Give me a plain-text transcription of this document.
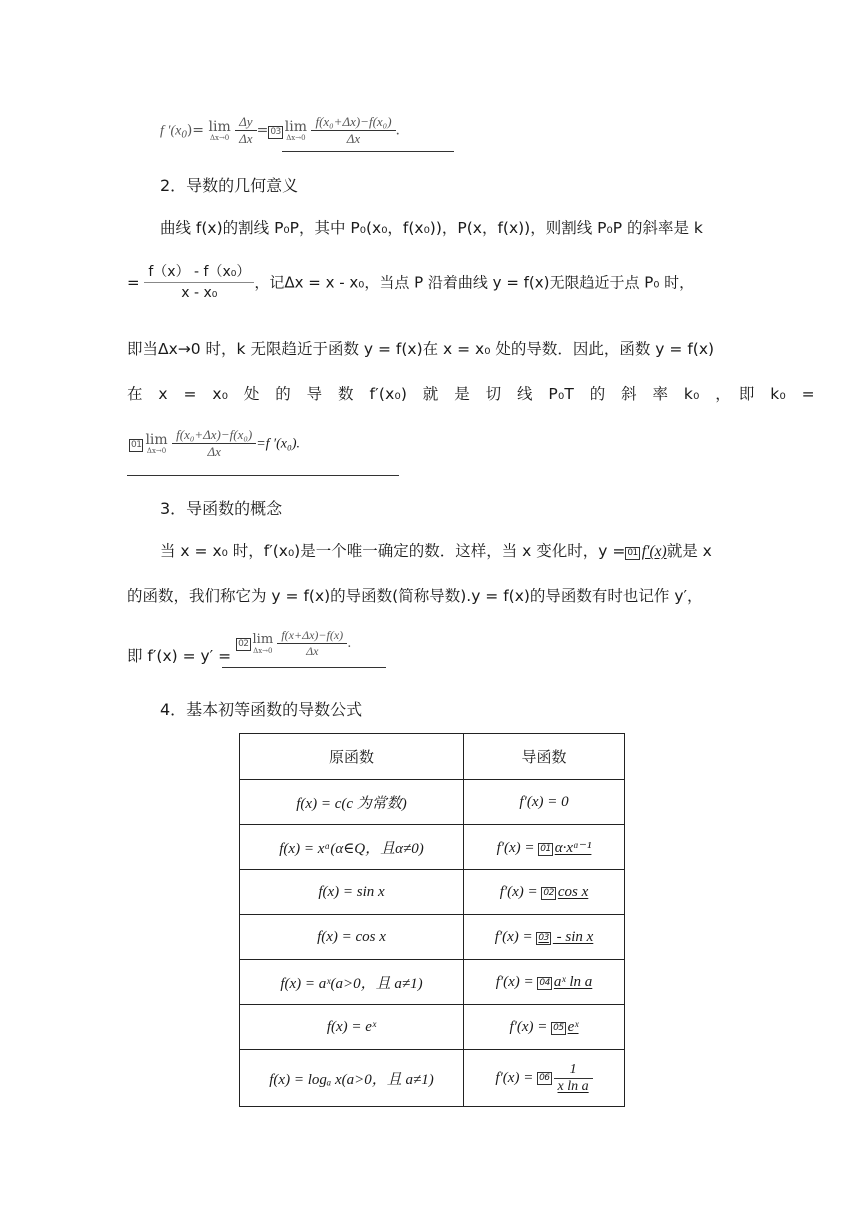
f $'(x_0)= \lim$
Δx→0
$\frac{\Delta y}{\Delta x} = 03$ lim
Δx→0
$\frac{\text{f(x₀+Δx)−f(x₀)}}{\Delta x}$ .
2．导数的几何意义
曲线 f(x)的割线 P₀P，其中 P₀(x₀，f(x₀))，P(x，f(x))，则割线 P₀P 的斜率是 k
= $\frac{\text{f（x） - f（x₀）}}{\text{x - x₀}}$ ，记Δx = x - x₀，当点 P 沿着曲线 y = f(x)无限趋近于点 P₀ 时，
即当Δx→0 时，k 无限趋近于函数 y = f(x)在 x = x₀ 处的导数．因此，函数 y = f(x)
在　x　=　x₀　处　的　导　数　f′(x₀)　就　是　切　线　P₀T　的　斜　率　k₀　，　即　k₀　=
01 lim
Δx→0
$\frac{\text{f(x₀+Δx)−f(x₀)}}{\Delta x} =f$ ′(x₀).
3．导函数的概念
当 x = x₀ 时，f′(x₀)是一个唯一确定的数．这样，当 x 变化时，y = 01 f′(x)就是 x
的函数，我们称它为 y = f(x)的导函数(简称导数).y = f(x)的导函数有时也记作 y′，
即 f′(x) = y′ = 02 lim
Δx→0
$\frac{f(x+\Delta x)-f(x)}{\Delta x}$ .
4．基本初等函数的导数公式
原函数	导函数
f(x) = c(c 为常数)	f′(x) = 0
f(x) = xᵅ(α∈Q，且α≠0)	f′(x) = 01 α·xᵅ⁻¹
f(x) = sin x	f′(x) = 02 cos x
f(x) = cos x	f′(x) = 03 - sin x
f(x) = aˣ(a>0，且 a≠1)	f′(x) = 04 aˣ ln a
f(x) = eˣ	f′(x) = 05 eˣ
f(x) = logₐ x(a>0，且 a≠1)	$f'(x) = 06 \frac{1}{\text{x ln a}}$
